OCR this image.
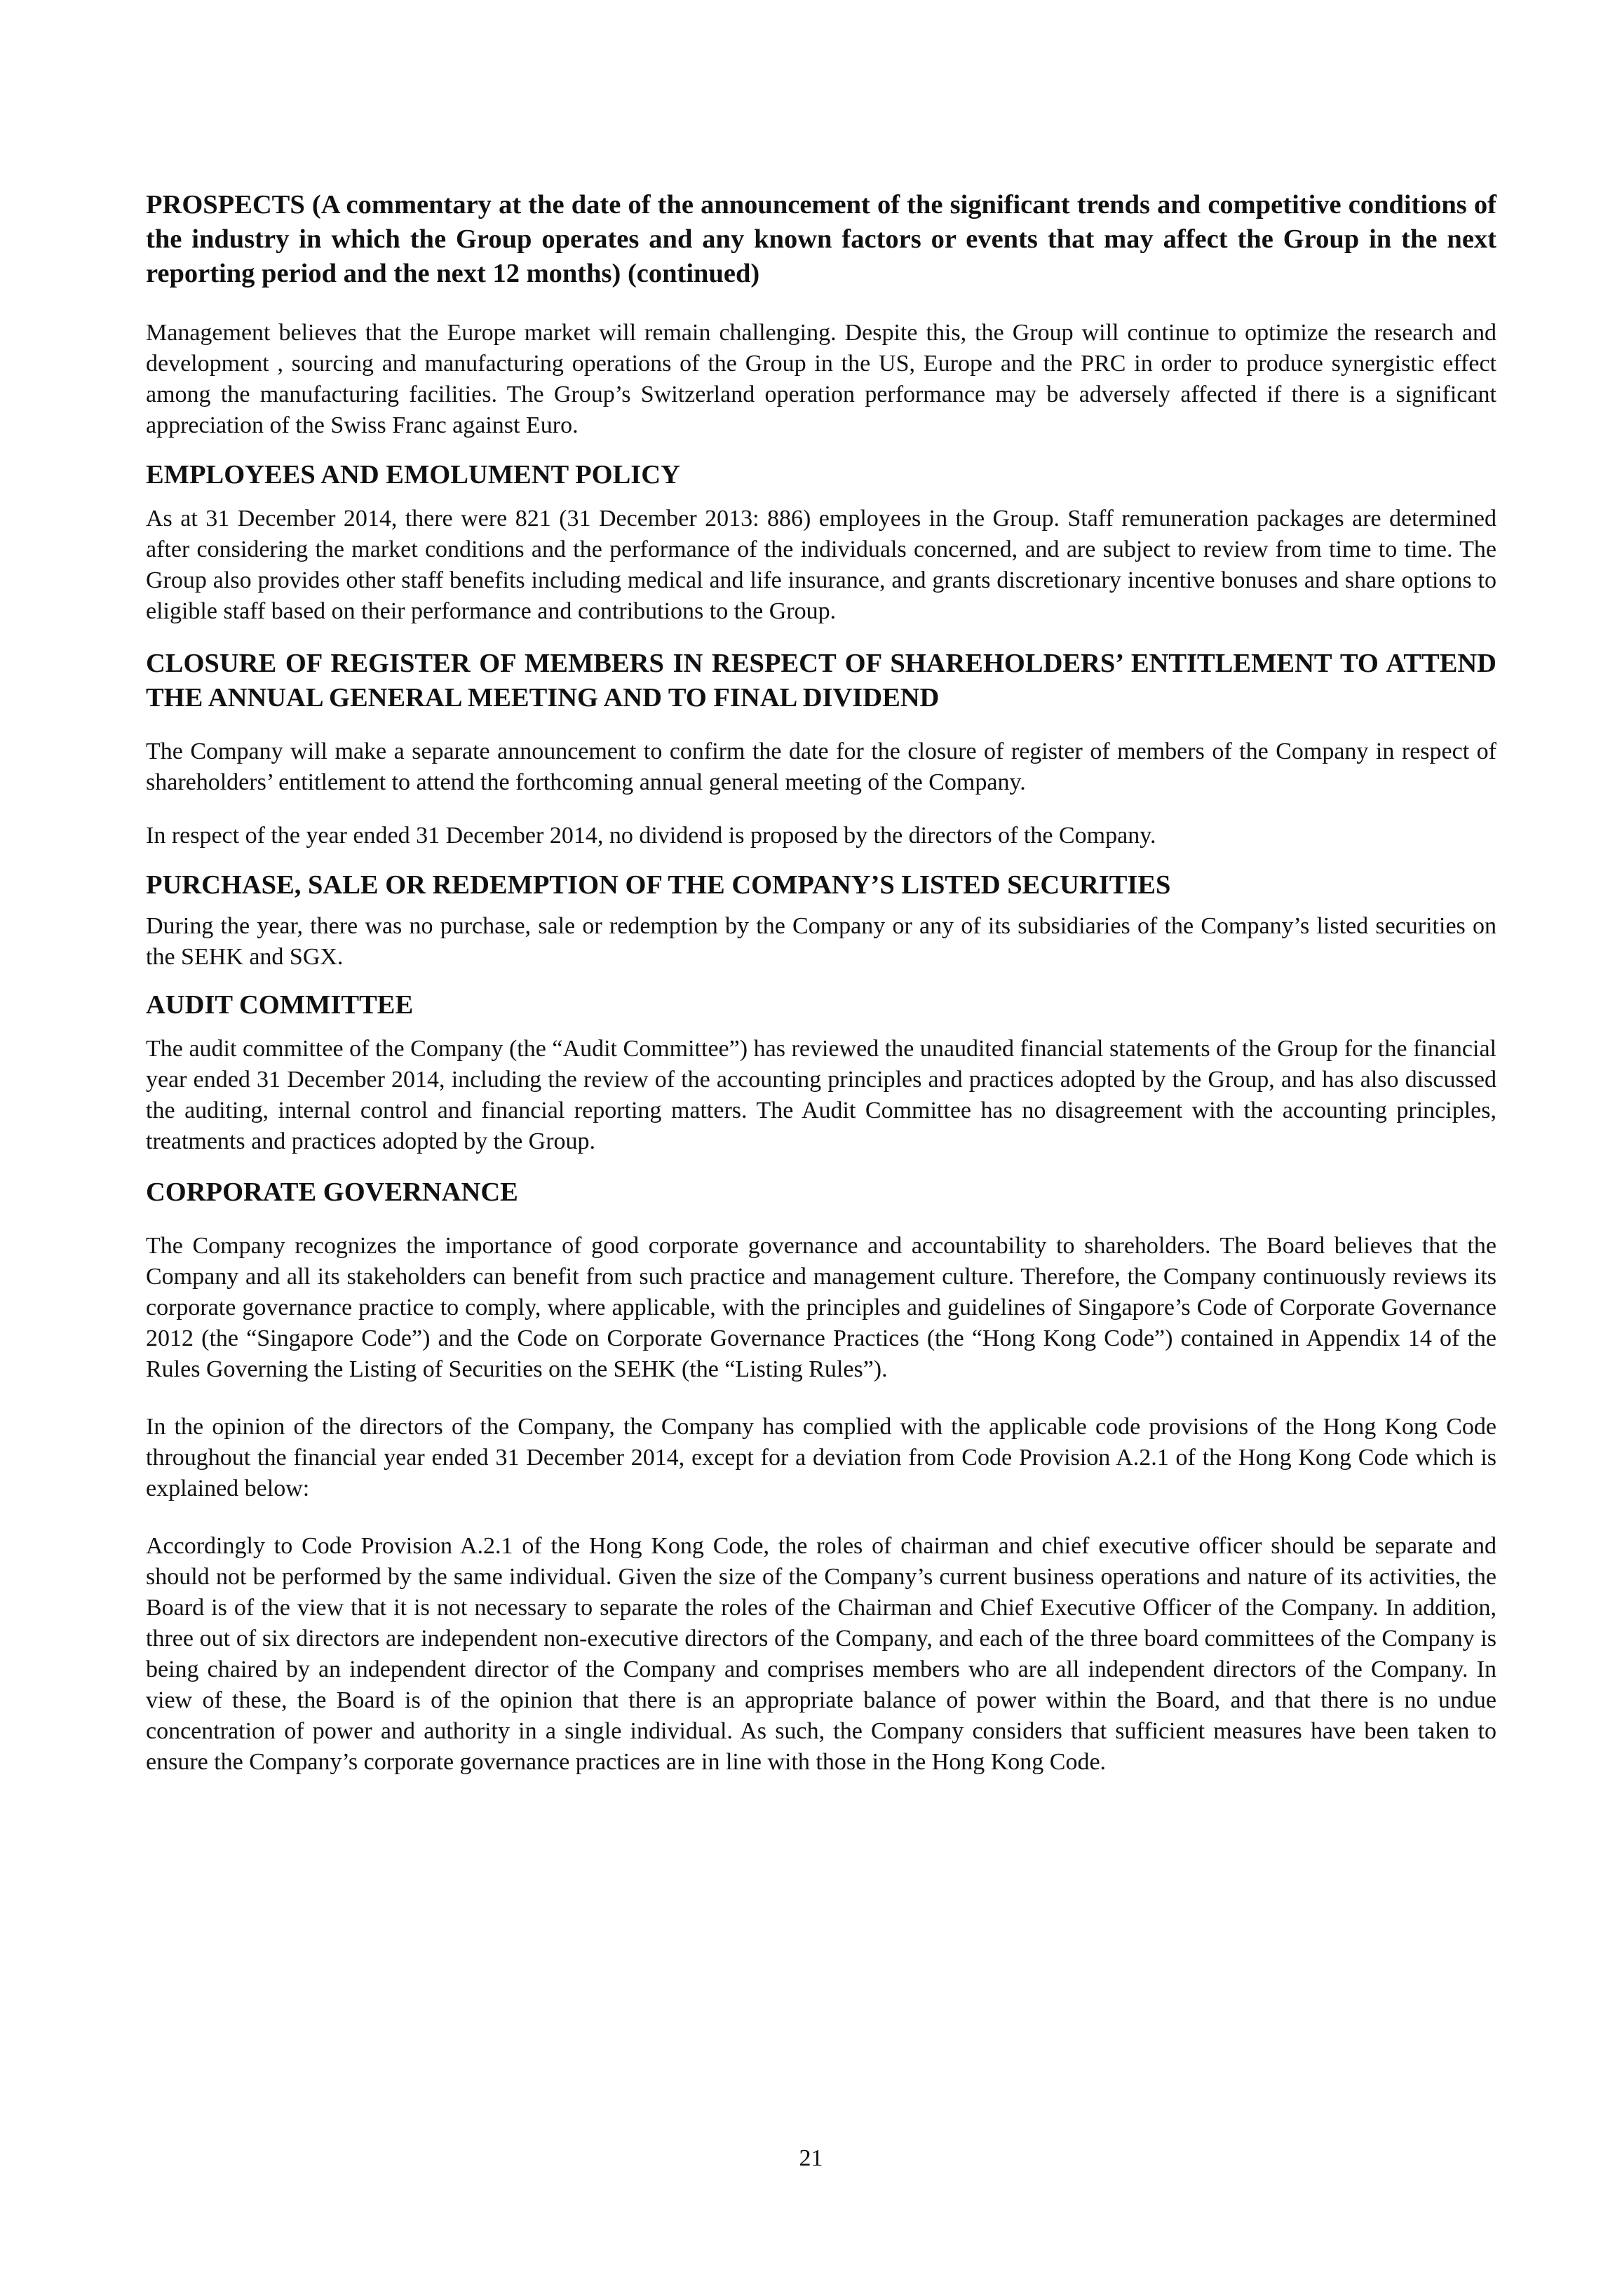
PROSPECTS (A commentary at the date of the announcement of the significant trends and competitive conditions of the industry in which the Group operates and any known factors or events that may affect the Group in the next reporting period and the next 12 months) (continued)

Management believes that the Europe market will remain challenging. Despite this, the Group will continue to optimize the research and development , sourcing and manufacturing operations of the Group in the US, Europe and the PRC in order to produce synergistic effect among the manufacturing facilities. The Group’s Switzerland operation performance may be adversely affected if there is a significant appreciation of the Swiss Franc against Euro.

EMPLOYEES AND EMOLUMENT POLICY

As at 31 December 2014, there were 821 (31 December 2013: 886) employees in the Group. Staff remuneration packages are determined after considering the market conditions and the performance of the individuals concerned, and are subject to review from time to time. The Group also provides other staff benefits including medical and life insurance, and grants discretionary incentive bonuses and share options to eligible staff based on their performance and contributions to the Group.

CLOSURE OF REGISTER OF MEMBERS IN RESPECT OF SHAREHOLDERS’ ENTITLEMENT TO ATTEND THE ANNUAL GENERAL MEETING AND TO FINAL DIVIDEND

The Company will make a separate announcement to confirm the date for the closure of register of members of the Company in respect of shareholders’ entitlement to attend the forthcoming annual general meeting of the Company.

In respect of the year ended 31 December 2014, no dividend is proposed by the directors of the Company.

PURCHASE, SALE OR REDEMPTION OF THE COMPANY’S LISTED SECURITIES

During the year, there was no purchase, sale or redemption by the Company or any of its subsidiaries of the Company’s listed securities on the SEHK and SGX.

AUDIT COMMITTEE

The audit committee of the Company (the “Audit Committee”) has reviewed the unaudited financial statements of the Group for the financial year ended 31 December 2014, including the review of the accounting principles and practices adopted by the Group, and has also discussed the auditing, internal control and financial reporting matters. The Audit Committee has no disagreement with the accounting principles, treatments and practices adopted by the Group.

CORPORATE GOVERNANCE

The Company recognizes the importance of good corporate governance and accountability to shareholders. The Board believes that the Company and all its stakeholders can benefit from such practice and management culture. Therefore, the Company continuously reviews its corporate governance practice to comply, where applicable, with the principles and guidelines of Singapore’s Code of Corporate Governance 2012 (the “Singapore Code”) and the Code on Corporate Governance Practices (the “Hong Kong Code”) contained in Appendix 14 of the Rules Governing the Listing of Securities on the SEHK (the “Listing Rules”).

In the opinion of the directors of the Company, the Company has complied with the applicable code provisions of the Hong Kong Code throughout the financial year ended 31 December 2014, except for a deviation from Code Provision A.2.1 of the Hong Kong Code which is explained below:

Accordingly to Code Provision A.2.1 of the Hong Kong Code, the roles of chairman and chief executive officer should be separate and should not be performed by the same individual. Given the size of the Company’s current business operations and nature of its activities, the Board is of the view that it is not necessary to separate the roles of the Chairman and Chief Executive Officer of the Company. In addition, three out of six directors are independent non-executive directors of the Company, and each of the three board committees of the Company is being chaired by an independent director of the Company and comprises members who are all independent directors of the Company. In view of these, the Board is of the opinion that there is an appropriate balance of power within the Board, and that there is no undue concentration of power and authority in a single individual. As such, the Company considers that sufficient measures have been taken to ensure the Company’s corporate governance practices are in line with those in the Hong Kong Code.

21
